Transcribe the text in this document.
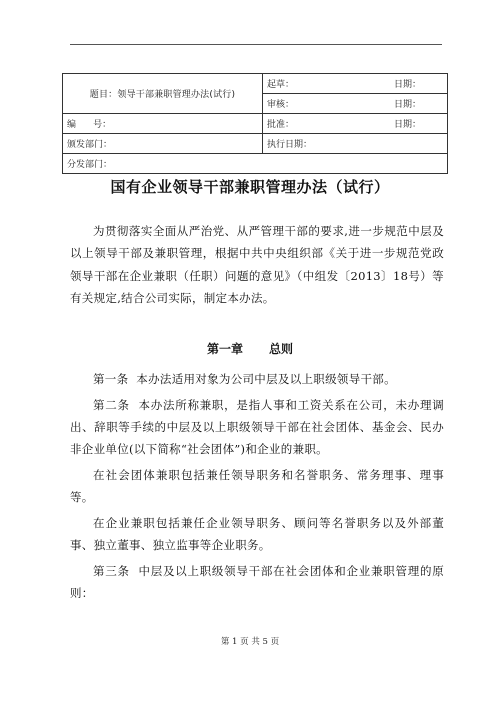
题目：领导干部兼职管理办法(试行)	起草： 日期：

	审核： 日期：

编      号：	批准： 日期：

颁发部门：	执行日期：
分发部门：	
国有企业领导干部兼职管理办法（试行）

为贯彻落实全面从严治党、从严管理干部的要求,进一步规范中层及以上领导干部及兼职管理，根据中共中央组织部《关于进一步规范党政领导干部在企业兼职（任职）问题的意见》（中组发〔2013〕18号）等有关规定,结合公司实际，制定本办法。

第一章 总则

第一条  本办法适用对象为公司中层及以上职级领导干部。

第二条  本办法所称兼职，是指人事和工资关系在公司，未办理调出、辞职等手续的中层及以上职级领导干部在社会团体、基金会、民办非企业单位(以下简称“社会团体”)和企业的兼职。

在社会团体兼职包括兼任领导职务和名誉职务、常务理事、理事等。

在企业兼职包括兼任企业领导职务、顾问等名誉职务以及外部董事、独立董事、独立监事等企业职务。

第三条  中层及以上职级领导干部在社会团体和企业兼职管理的原则：

第 1 页 共 5 页
